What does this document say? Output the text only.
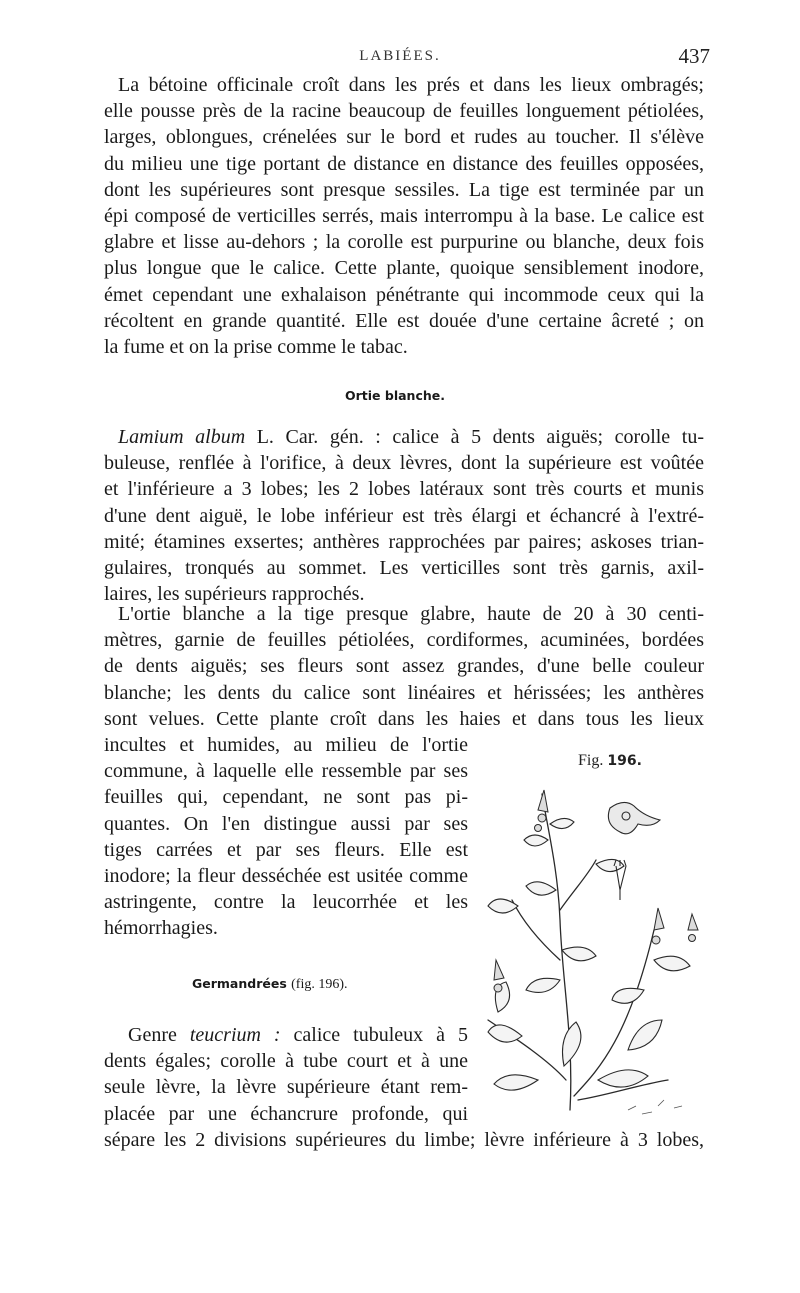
LABIÉES.	437
La bétoine officinale croît dans les prés et dans les lieux ombragés;
elle pousse près de la racine beaucoup de feuilles longuement pétiolées,
larges, oblongues, crénelées sur le bord et rudes au toucher. Il s'élève
du milieu une tige portant de distance en distance des feuilles opposées,
dont les supérieures sont presque sessiles. La tige est terminée par un
épi composé de verticilles serrés, mais interrompu à la base. Le calice est
glabre et lisse au-dehors ; la corolle est purpurine ou blanche, deux fois
plus longue que le calice. Cette plante, quoique sensiblement inodore,
émet cependant une exhalaison pénétrante qui incommode ceux qui la
récoltent en grande quantité. Elle est douée d'une certaine âcreté ; on
la fume et on la prise comme le tabac.
Ortie blanche.
Lamium album L. Car. gén. : calice à 5 dents aiguës; corolle tu-
buleuse, renflée à l'orifice, à deux lèvres, dont la supérieure est voûtée
et l'inférieure a 3 lobes; les 2 lobes latéraux sont très courts et munis
d'une dent aiguë, le lobe inférieur est très élargi et échancré à l'extré-
mité; étamines exsertes; anthères rapprochées par paires; askoses trian-
gulaires, tronqués au sommet. Les verticilles sont très garnis, axil-
laires, les supérieurs rapprochés.
L'ortie blanche a la tige presque glabre, haute de 20 à 30 centi-
mètres, garnie de feuilles pétiolées, cordiformes, acuminées, bordées
de dents aiguës; ses fleurs sont assez grandes, d'une belle couleur
blanche; les dents du calice sont linéaires et hérissées; les anthères
sont velues. Cette plante croît dans les haies et dans tous les lieux
incultes et humides, au milieu de l'ortie
commune, à laquelle elle ressemble par ses
feuilles qui, cependant, ne sont pas pi-
quantes. On l'en distingue aussi par ses
tiges carrées et par ses fleurs. Elle est
inodore; la fleur desséchée est usitée comme
astringente, contre la leucorrhée et les
hémorrhagies.
Fig. 196.
Germandrées (fig. 196).
Genre teucrium : calice tubuleux à 5
dents égales; corolle à tube court et à une
seule lèvre, la lèvre supérieure étant rem-
placée par une échancrure profonde, qui
sépare les 2 divisions supérieures du limbe; lèvre inférieure à 3 lobes,
